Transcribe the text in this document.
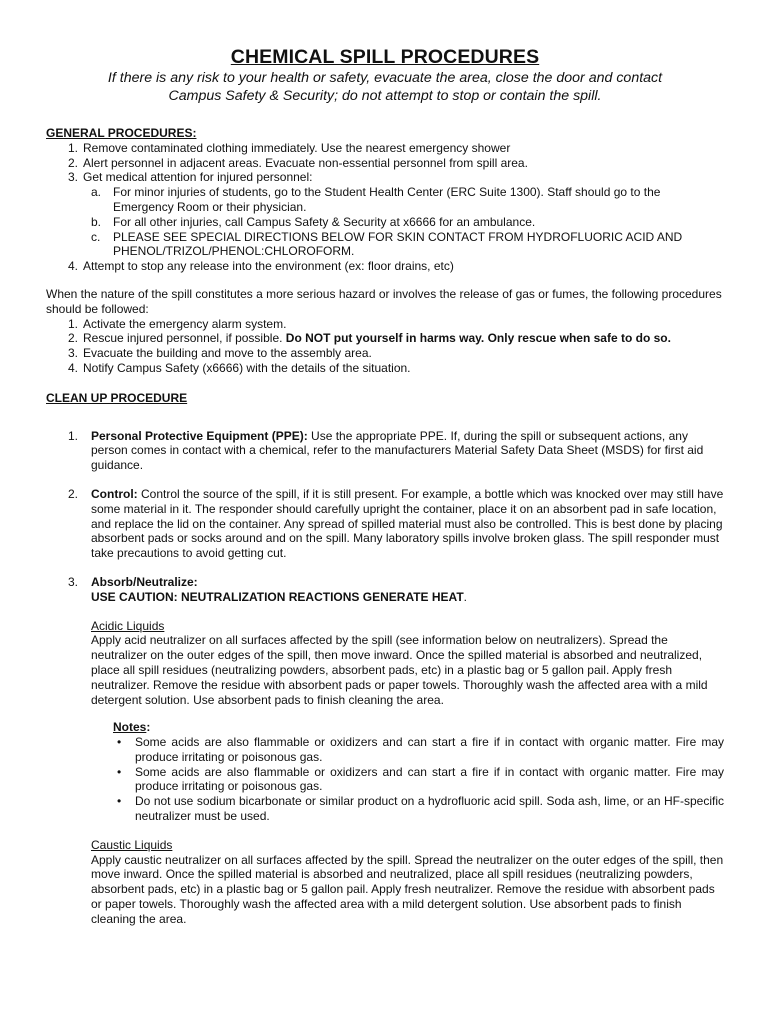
CHEMICAL SPILL PROCEDURES
If there is any risk to your health or safety, evacuate the area, close the door and contact
Campus Safety & Security; do not attempt to stop or contain the spill.
GENERAL PROCEDURES:
1. Remove contaminated clothing immediately. Use the nearest emergency shower
2. Alert personnel in adjacent areas. Evacuate non-essential personnel from spill area.
3. Get medical attention for injured personnel:
a. For minor injuries of students, go to the Student Health Center (ERC Suite 1300). Staff should go to the Emergency Room or their physician.
b. For all other injuries, call Campus Safety & Security at x6666 for an ambulance.
c. PLEASE SEE SPECIAL DIRECTIONS BELOW FOR SKIN CONTACT FROM HYDROFLUORIC ACID AND PHENOL/TRIZOL/PHENOL:CHLOROFORM.
4. Attempt to stop any release into the environment (ex: floor drains, etc)

When the nature of the spill constitutes a more serious hazard or involves the release of gas or fumes, the following procedures should be followed:

1. Activate the emergency alarm system.
2. Rescue injured personnel, if possible. Do NOT put yourself in harms way. Only rescue when safe to do so.
3. Evacuate the building and move to the assembly area.
4. Notify Campus Safety (x6666) with the details of the situation.
CLEAN UP PROCEDURE
1. Personal Protective Equipment (PPE): Use the appropriate PPE. If, during the spill or subsequent actions, any person comes in contact with a chemical, refer to the manufacturers Material Safety Data Sheet (MSDS) for first aid guidance.
2. Control: Control the source of the spill, if it is still present. For example, a bottle which was knocked over may still have some material in it. The responder should carefully upright the container, place it on an absorbent pad in safe location, and replace the lid on the container. Any spread of spilled material must also be controlled. This is best done by placing absorbent pads or socks around and on the spill. Many laboratory spills involve broken glass. The spill responder must take precautions to avoid getting cut.
3. Absorb/Neutralize:
USE CAUTION: NEUTRALIZATION REACTIONS GENERATE HEAT.
Acidic Liquids

Apply acid neutralizer on all surfaces affected by the spill (see information below on neutralizers). Spread the neutralizer on the outer edges of the spill, then move inward. Once the spilled material is absorbed and neutralized, place all spill residues (neutralizing powders, absorbent pads, etc) in a plastic bag or 5 gallon pail. Apply fresh neutralizer. Remove the residue with absorbent pads or paper towels. Thoroughly wash the affected area with a mild detergent solution. Use absorbent pads to finish cleaning the area.

Notes:
• Some acids are also flammable or oxidizers and can start a fire if in contact with organic matter. Fire may produce irritating or poisonous gas.
• Some acids are also flammable or oxidizers and can start a fire if in contact with organic matter. Fire may produce irritating or poisonous gas.
• Do not use sodium bicarbonate or similar product on a hydrofluoric acid spill. Soda ash, lime, or an HF-specific neutralizer must be used.
Caustic Liquids

Apply caustic neutralizer on all surfaces affected by the spill. Spread the neutralizer on the outer edges of the spill, then move inward. Once the spilled material is absorbed and neutralized, place all spill residues (neutralizing powders, absorbent pads, etc) in a plastic bag or 5 gallon pail. Apply fresh neutralizer. Remove the residue with absorbent pads or paper towels. Thoroughly wash the affected area with a mild detergent solution. Use absorbent pads to finish cleaning the area.
